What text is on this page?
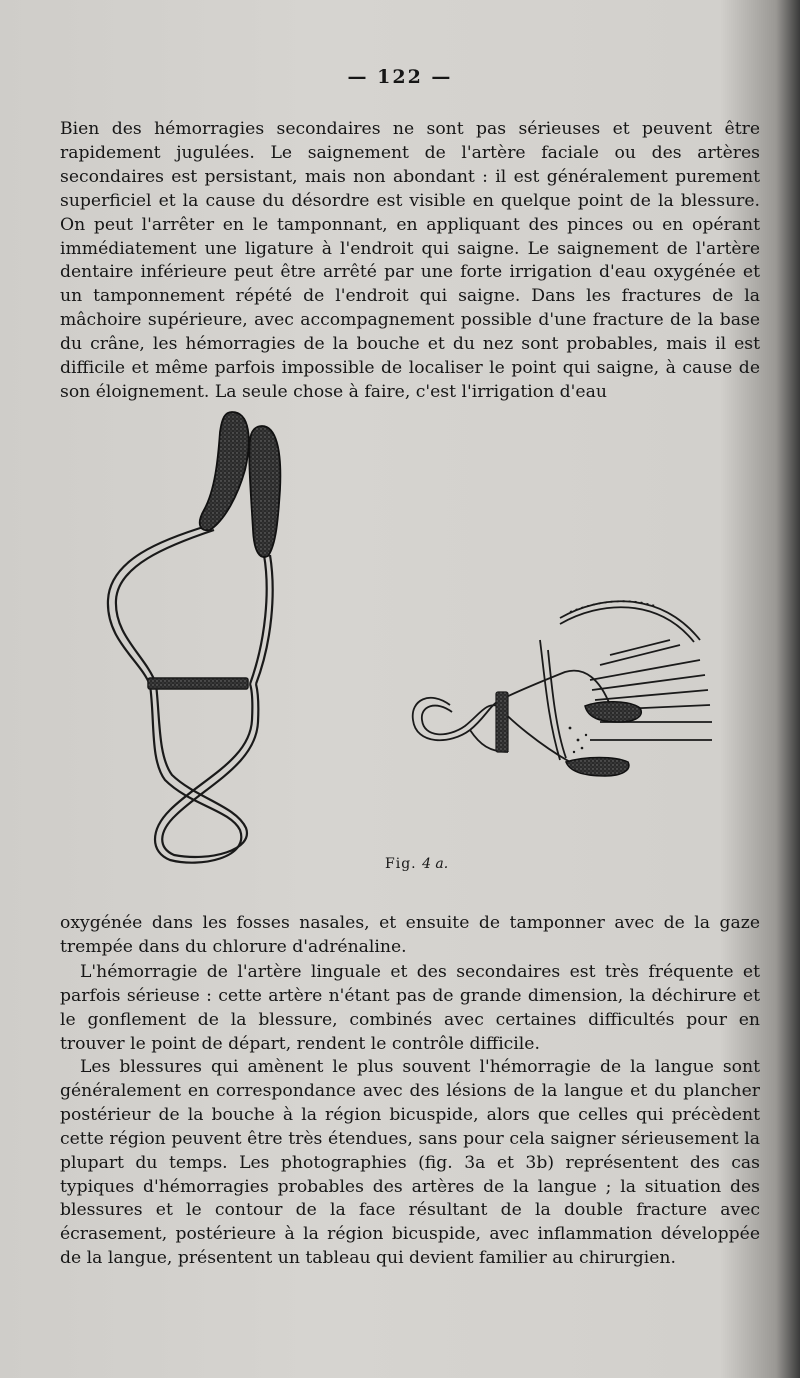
— 122 —

Bien des hémorragies secondaires ne sont pas sérieuses et peuvent être rapidement jugulées. Le saignement de l'artère faciale ou des artères secondaires est persistant, mais non abondant : il est généralement purement superficiel et la cause du désordre est visible en quelque point de la blessure. On peut l'arrêter en le tamponnant, en appliquant des pinces ou en opérant immédiatement une ligature à l'endroit qui saigne. Le saignement de l'artère dentaire inférieure peut être arrêté par une forte irrigation d'eau oxygénée et un tamponnement répété de l'endroit qui saigne. Dans les fractures de la mâchoire supérieure, avec accompagnement possible d'une fracture de la base du crâne, les hémorragies de la bouche et du nez sont probables, mais il est difficile et même parfois impossible de localiser le point qui saigne, à cause de son éloignement. La seule chose à faire, c'est l'irrigation d'eau

Fig. 4 a.

oxygénée dans les fosses nasales, et ensuite de tamponner avec de la gaze trempée dans du chlorure d'adrénaline.

L'hémorragie de l'artère linguale et des secondaires est très fréquente et parfois sérieuse : cette artère n'étant pas de grande dimension, la déchirure et le gonflement de la blessure, combinés avec certaines difficultés pour en trouver le point de départ, rendent le contrôle difficile.

Les blessures qui amènent le plus souvent l'hémorragie de la langue sont généralement en correspondance avec des lésions de la langue et du plancher postérieur de la bouche à la région bicuspide, alors que celles qui précèdent cette région peuvent être très étendues, sans pour cela saigner sérieusement la plupart du temps. Les photographies (fig. 3a et 3b) représentent des cas typiques d'hémorragies probables des artères de la langue ; la situation des blessures et le contour de la face résultant de la double fracture avec écrasement, postérieure à la région bicuspide, avec inflammation développée de la langue, présentent un tableau qui devient familier au chirurgien.
